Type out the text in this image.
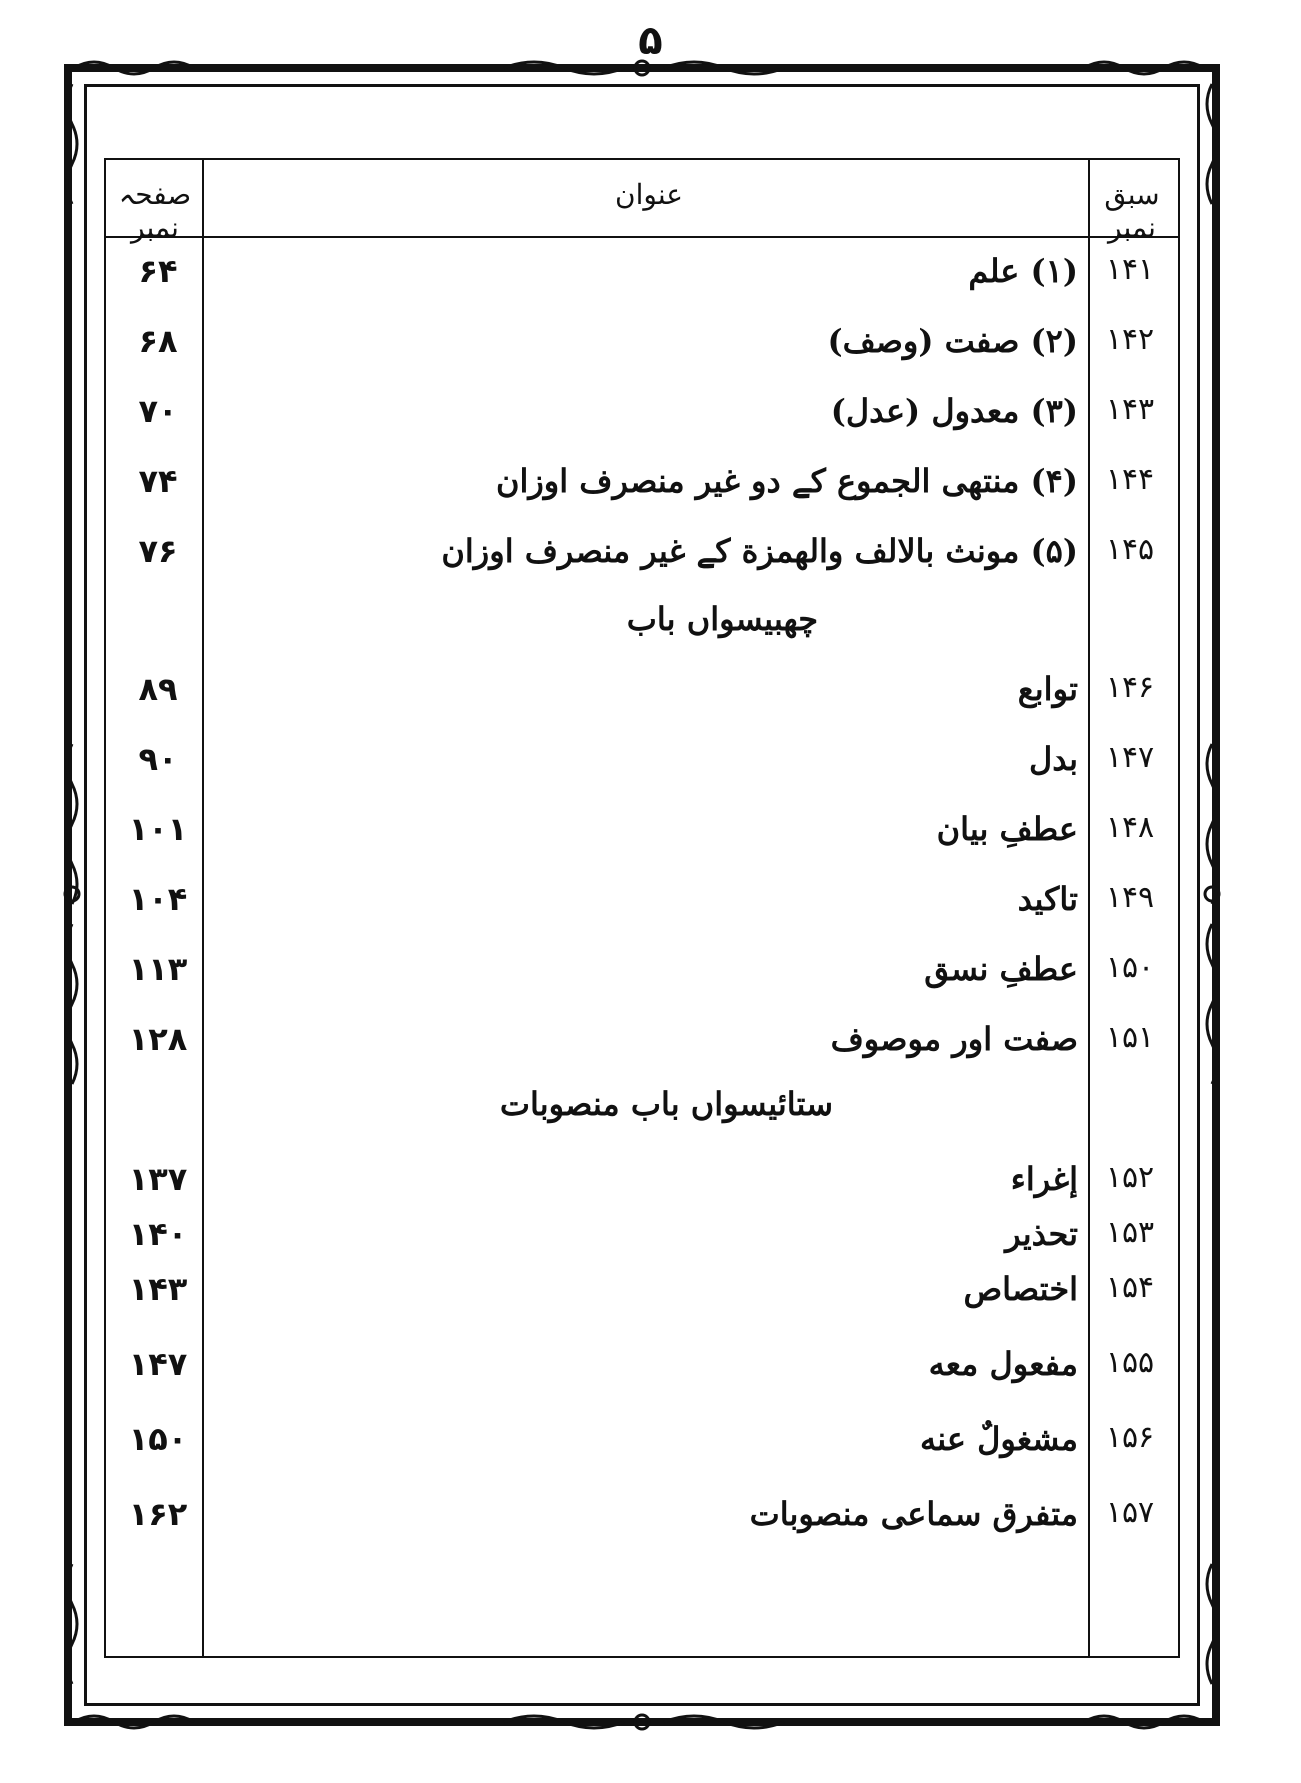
۵
سبق نمبر
عنوان
صفحہ نمبر
۱۴۱
(۱) علم
۶۴
۱۴۲
(۲) صفت (وصف)
۶۸
۱۴۳
(۳) معدول (عدل)
۷۰
۱۴۴
(۴) منتهی الجموع کے دو غیر منصرف اوزان
۷۴
۱۴۵
(۵) مونث بالالف والهمزة کے غیر منصرف اوزان
۷۶
چھبیسواں باب
۱۴۶
توابع
۸۹
۱۴۷
بدل
۹۰
۱۴۸
عطفِ بیان
۱۰۱
۱۴۹
تاکید
۱۰۴
۱۵۰
عطفِ نسق
۱۱۳
۱۵۱
صفت اور موصوف
۱۲۸
ستائیسواں باب منصوبات
۱۵۲
إغراء
۱۳۷
۱۵۳
تحذیر
۱۴۰
۱۵۴
اختصاص
۱۴۳
۱۵۵
مفعول معه
۱۴۷
۱۵۶
مشغولٌ عنه
۱۵۰
۱۵۷
متفرق سماعی منصوبات
۱۶۲
